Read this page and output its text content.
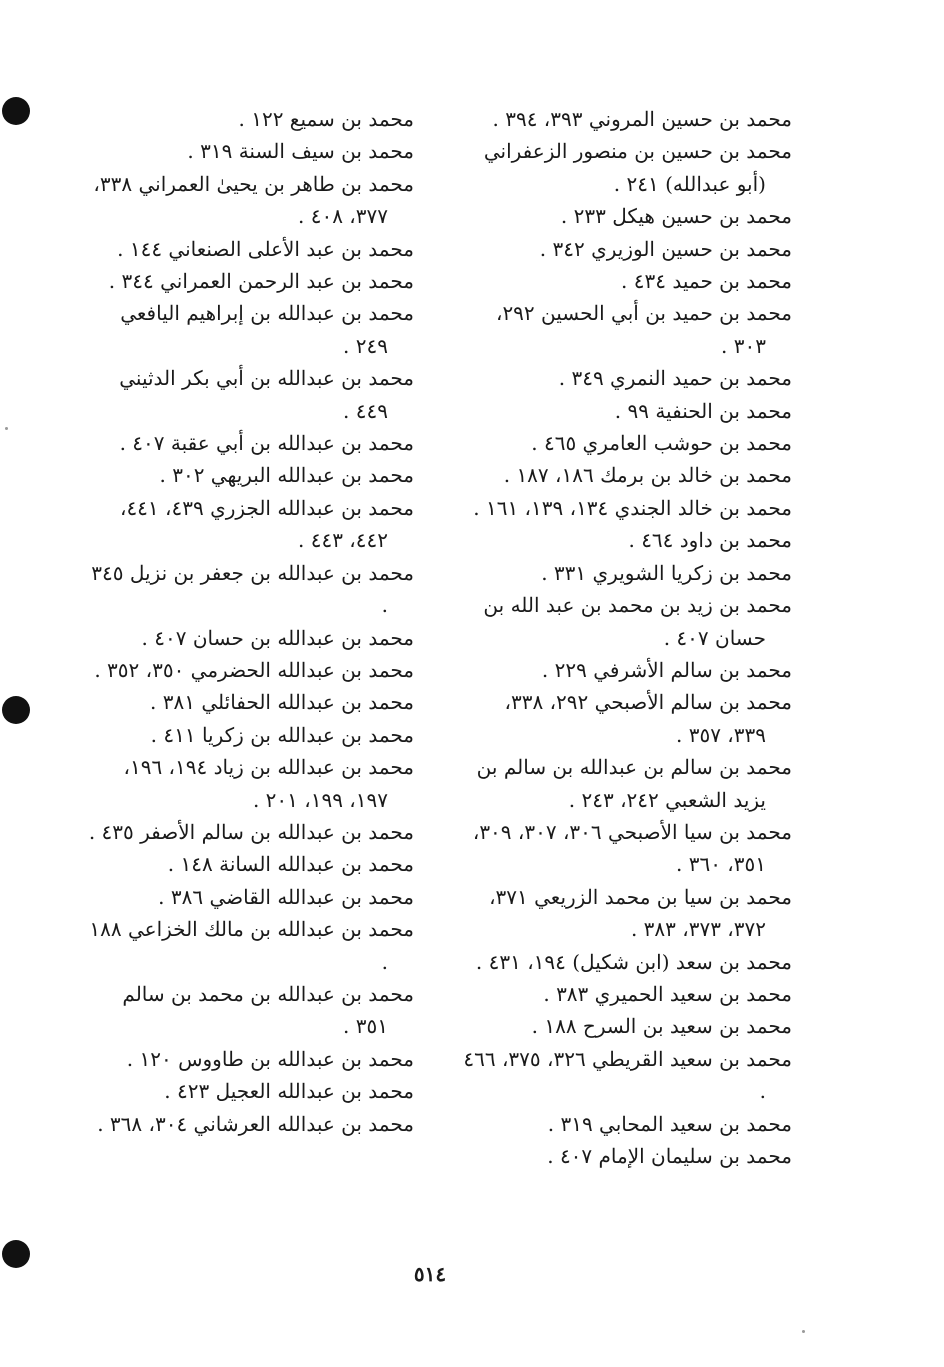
محمد بن حسين المروني ٣٩٣، ٣٩٤ .
محمد بن حسين بن منصور الزعفراني (أبو عبدالله) ٢٤١ .
محمد بن حسين هيكل ٢٣٣ .
محمد بن حسين الوزيري ٣٤٢ .
محمد بن حميد ٤٣٤ .
محمد بن حميد بن أبي الحسين ٢٩٢، ٣٠٣ .
محمد بن حميد النمري ٣٤٩ .
محمد بن الحنفية ٩٩ .
محمد بن حوشب العامري ٤٦٥ .
محمد بن خالد بن برمك ١٨٦، ١٨٧ .
محمد بن خالد الجندي ١٣٤، ١٣٩، ١٦١ .
محمد بن داود ٤٦٤ .
محمد بن زكريا الشويري ٣٣١ .
محمد بن زيد بن محمد بن عبد الله بن حسان ٤٠٧ .
محمد بن سالم الأشرفي ٢٢٩ .
محمد بن سالم الأصبحي ٢٩٢، ٣٣٨، ٣٣٩، ٣٥٧ .
محمد بن سالم بن عبدالله بن سالم بن يزيد الشعبي ٢٤٢، ٢٤٣ .
محمد بن سيا الأصبحي ٣٠٦، ٣٠٧، ٣٠٩، ٣٥١، ٣٦٠ .
محمد بن سيا بن محمد الزريعي ٣٧١، ٣٧٢، ٣٧٣، ٣٨٣ .
محمد بن سعد (ابن شكيل) ١٩٤، ٤٣١ .
محمد بن سعيد الحميري ٣٨٣ .
محمد بن سعيد بن السرح ١٨٨ .
محمد بن سعيد القريطي ٣٢٦، ٣٧٥، ٤٦٦ .
محمد بن سعيد المحابي ٣١٩ .
محمد بن سليمان الإمام ٤٠٧ .
محمد بن سميع ١٢٢ .
محمد بن سيف السنة ٣١٩ .
محمد بن طاهر بن يحيىٰ العمراني ٣٣٨، ٣٧٧، ٤٠٨ .
محمد بن عبد الأعلى الصنعاني ١٤٤ .
محمد بن عبد الرحمن العمراني ٣٤٤ .
محمد بن عبدالله بن إبراهيم اليافعي ٢٤٩ .
محمد بن عبدالله بن أبي بكر الدثيني ٤٤٩ .
محمد بن عبدالله بن أبي عقبة ٤٠٧ .
محمد بن عبدالله البريهي ٣٠٢ .
محمد بن عبدالله الجزري ٤٣٩، ٤٤١، ٤٤٢، ٤٤٣ .
محمد بن عبدالله بن جعفر بن نزيل ٣٤٥ .
محمد بن عبدالله بن حسان ٤٠٧ .
محمد بن عبدالله الحضرمي ٣٥٠، ٣٥٢ .
محمد بن عبدالله الحفائلي ٣٨١ .
محمد بن عبدالله بن زكريا ٤١١ .
محمد بن عبدالله بن زياد ١٩٤، ١٩٦، ١٩٧، ١٩٩، ٢٠١ .
محمد بن عبدالله بن سالم الأصفر ٤٣٥ .
محمد بن عبدالله السانة ١٤٨ .
محمد بن عبدالله القاضي ٣٨٦ .
محمد بن عبدالله بن مالك الخزاعي ١٨٨ .
محمد بن عبدالله بن محمد بن سالم ٣٥١ .
محمد بن عبدالله بن طاووس ١٢٠ .
محمد بن عبدالله العجيل ٤٢٣ .
محمد بن عبدالله العرشاني ٣٠٤، ٣٦٨ .
٥١٤
